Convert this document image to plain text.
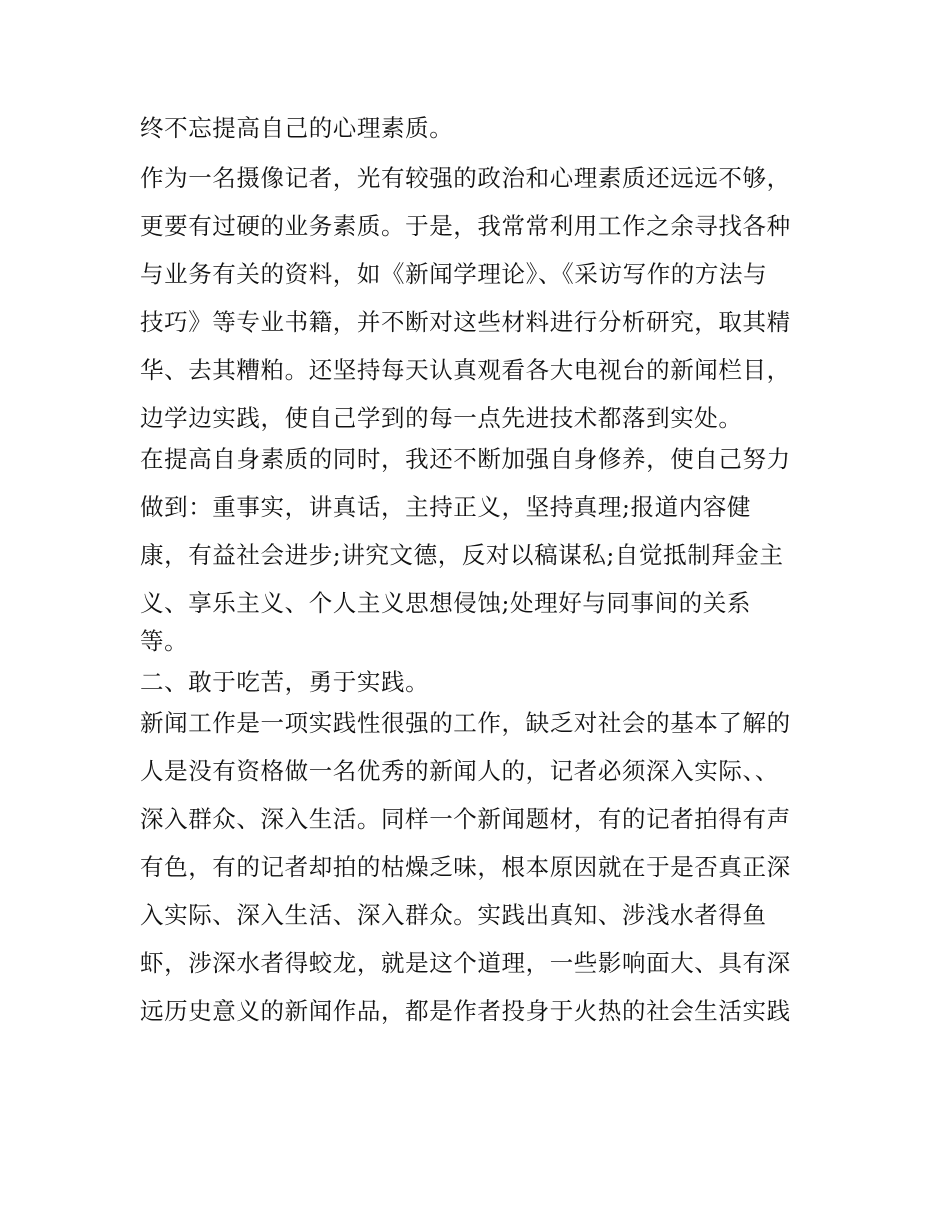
终不忘提高自己的心理素质。
作为一名摄像记者，光有较强的政治和心理素质还远远不够，
更要有过硬的业务素质。于是，我常常利用工作之余寻找各种
与业务有关的资料，如《新闻学理论》、《采访写作的方法与
技巧》等专业书籍，并不断对这些材料进行分析研究，取其精
华、去其糟粕。还坚持每天认真观看各大电视台的新闻栏目，
边学边实践，使自己学到的每一点先进技术都落到实处。
在提高自身素质的同时，我还不断加强自身修养，使自己努力
做到：重事实，讲真话，主持正义，坚持真理;报道内容健
康，有益社会进步;讲究文德，反对以稿谋私;自觉抵制拜金主
义、享乐主义、个人主义思想侵蚀;处理好与同事间的关系
等。
二、敢于吃苦，勇于实践。
新闻工作是一项实践性很强的工作，缺乏对社会的基本了解的
人是没有资格做一名优秀的新闻人的，记者必须深入实际、、
深入群众、深入生活。同样一个新闻题材，有的记者拍得有声
有色，有的记者却拍的枯燥乏味，根本原因就在于是否真正深
入实际、深入生活、深入群众。实践出真知、涉浅水者得鱼
虾，涉深水者得蛟龙，就是这个道理，一些影响面大、具有深
远历史意义的新闻作品，都是作者投身于火热的社会生活实践
